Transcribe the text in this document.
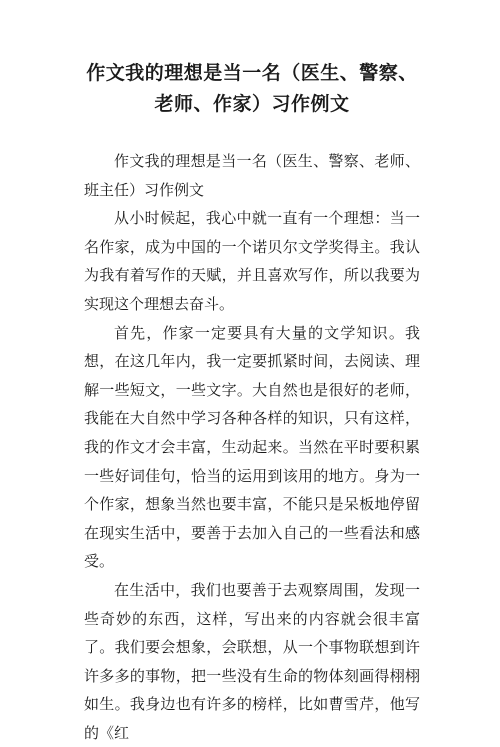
作文我的理想是当一名（医生、警察、
老师、作家）习作例文

作文我的理想是当一名（医生、警察、老师、班主任）习作例文

从小时候起，我心中就一直有一个理想：当一名作家，成为中国的一个诺贝尔文学奖得主。我认为我有着写作的天赋，并且喜欢写作，所以我要为实现这个理想去奋斗。

首先，作家一定要具有大量的文学知识。我想，在这几年内，我一定要抓紧时间，去阅读、理解一些短文，一些文字。大自然也是很好的老师，我能在大自然中学习各种各样的知识，只有这样，我的作文才会丰富，生动起来。当然在平时要积累一些好词佳句，恰当的运用到该用的地方。身为一个作家，想象当然也要丰富，不能只是呆板地停留在现实生活中，要善于去加入自己的一些看法和感受。

在生活中，我们也要善于去观察周围，发现一些奇妙的东西，这样，写出来的内容就会很丰富了。我们要会想象，会联想，从一个事物联想到许许多多的事物，把一些没有生命的物体刻画得栩栩如生。我身边也有许多的榜样，比如曹雪芹，他写的《红
